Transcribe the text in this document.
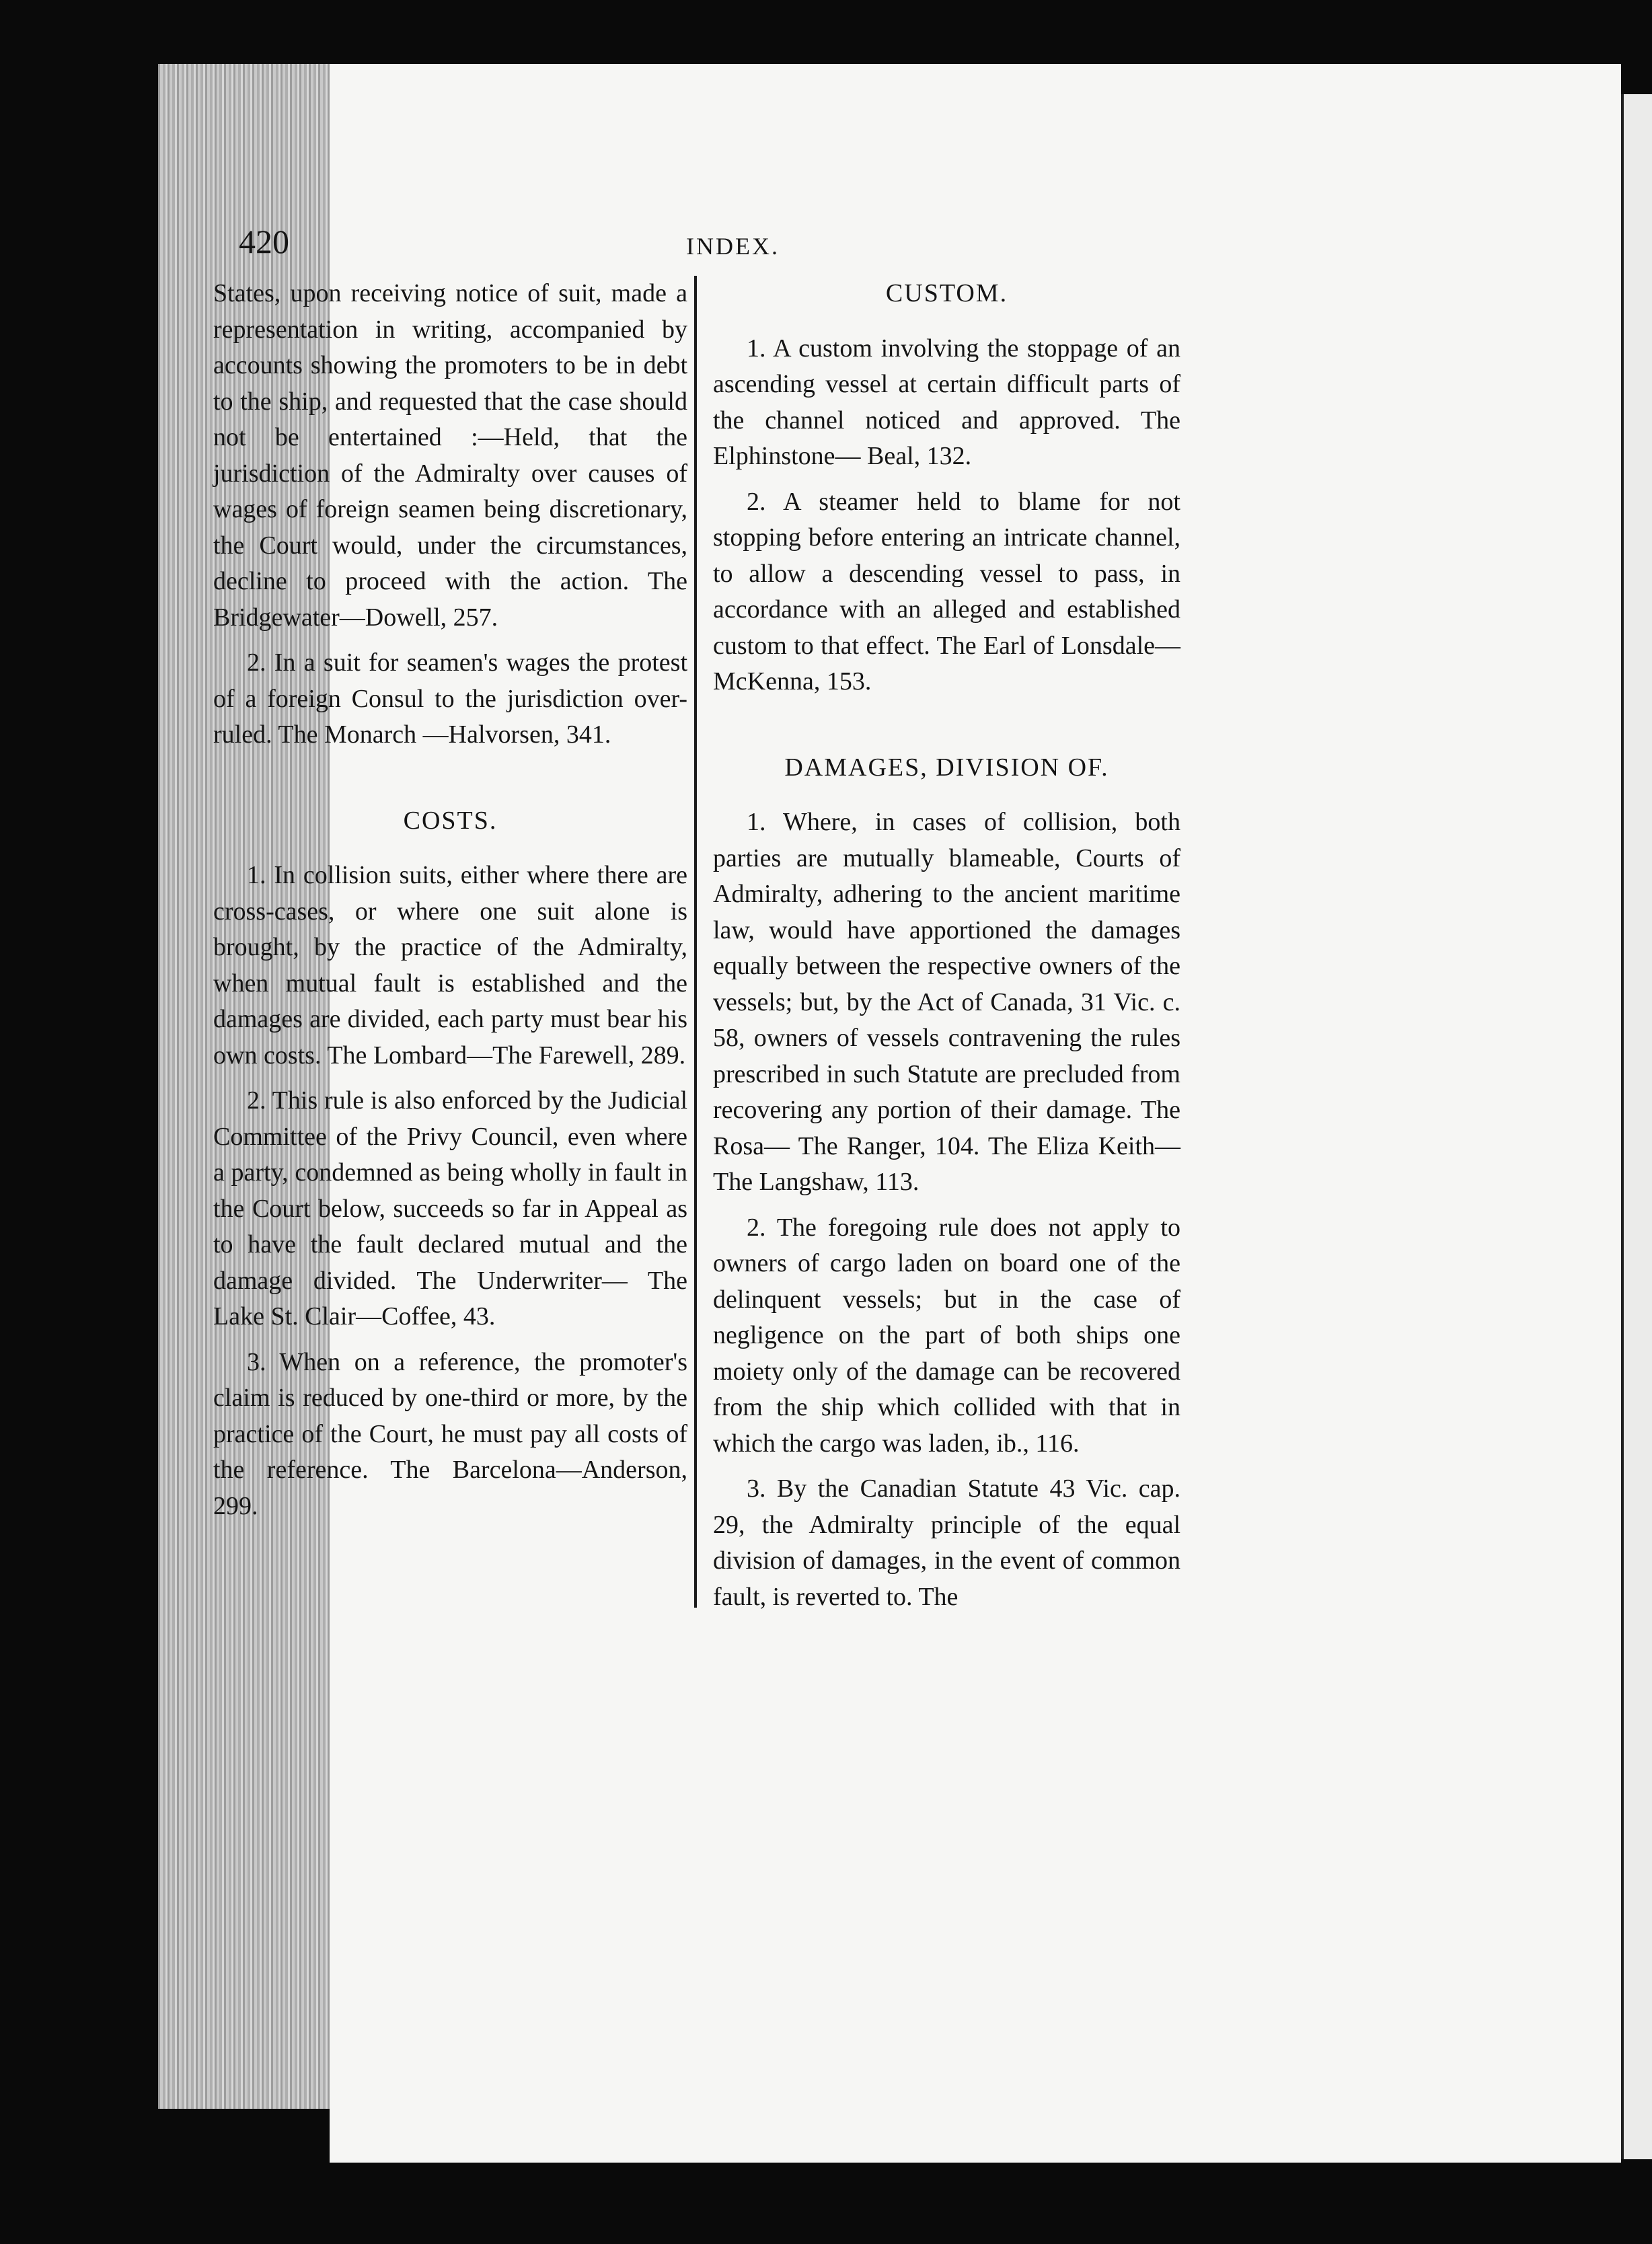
420	INDEX.

States, upon receiving notice of suit, made a representation in writing, accompanied by accounts showing the promoters to be in debt to the ship, and requested that the case should not be entertained :—Held, that the jurisdiction of the Admiralty over causes of wages of foreign seamen being discretionary, the Court would, under the circumstances, decline to proceed with the action. The Bridgewater—Dowell, 257.

2. In a suit for seamen's wages the protest of a foreign Consul to the jurisdiction over-ruled. The Monarch —Halvorsen, 341.

COSTS.

1. In collision suits, either where there are cross-cases, or where one suit alone is brought, by the practice of the Admiralty, when mutual fault is established and the damages are divided, each party must bear his own costs. The Lombard—The Farewell, 289.

2. This rule is also enforced by the Judicial Committee of the Privy Council, even where a party, condemned as being wholly in fault in the Court below, succeeds so far in Appeal as to have the fault declared mutual and the damage divided. The Underwriter— The Lake St. Clair—Coffee, 43.

3. When on a reference, the promoter's claim is reduced by one-third or more, by the practice of the Court, he must pay all costs of the reference. The Barcelona—Anderson, 299.

CUSTOM.

1. A custom involving the stoppage of an ascending vessel at certain difficult parts of the channel noticed and approved. The Elphinstone— Beal, 132.

2. A steamer held to blame for not stopping before entering an intricate channel, to allow a descending vessel to pass, in accordance with an alleged and established custom to that effect. The Earl of Lonsdale—McKenna, 153.

DAMAGES, DIVISION OF.

1. Where, in cases of collision, both parties are mutually blameable, Courts of Admiralty, adhering to the ancient maritime law, would have apportioned the damages equally between the respective owners of the vessels; but, by the Act of Canada, 31 Vic. c. 58, owners of vessels contravening the rules prescribed in such Statute are precluded from recovering any portion of their damage. The Rosa— The Ranger, 104. The Eliza Keith— The Langshaw, 113.

2. The foregoing rule does not apply to owners of cargo laden on board one of the delinquent vessels; but in the case of negligence on the part of both ships one moiety only of the damage can be recovered from the ship which collided with that in which the cargo was laden, ib., 116.

3. By the Canadian Statute 43 Vic. cap. 29, the Admiralty principle of the equal division of damages, in the event of common fault, is reverted to. The
